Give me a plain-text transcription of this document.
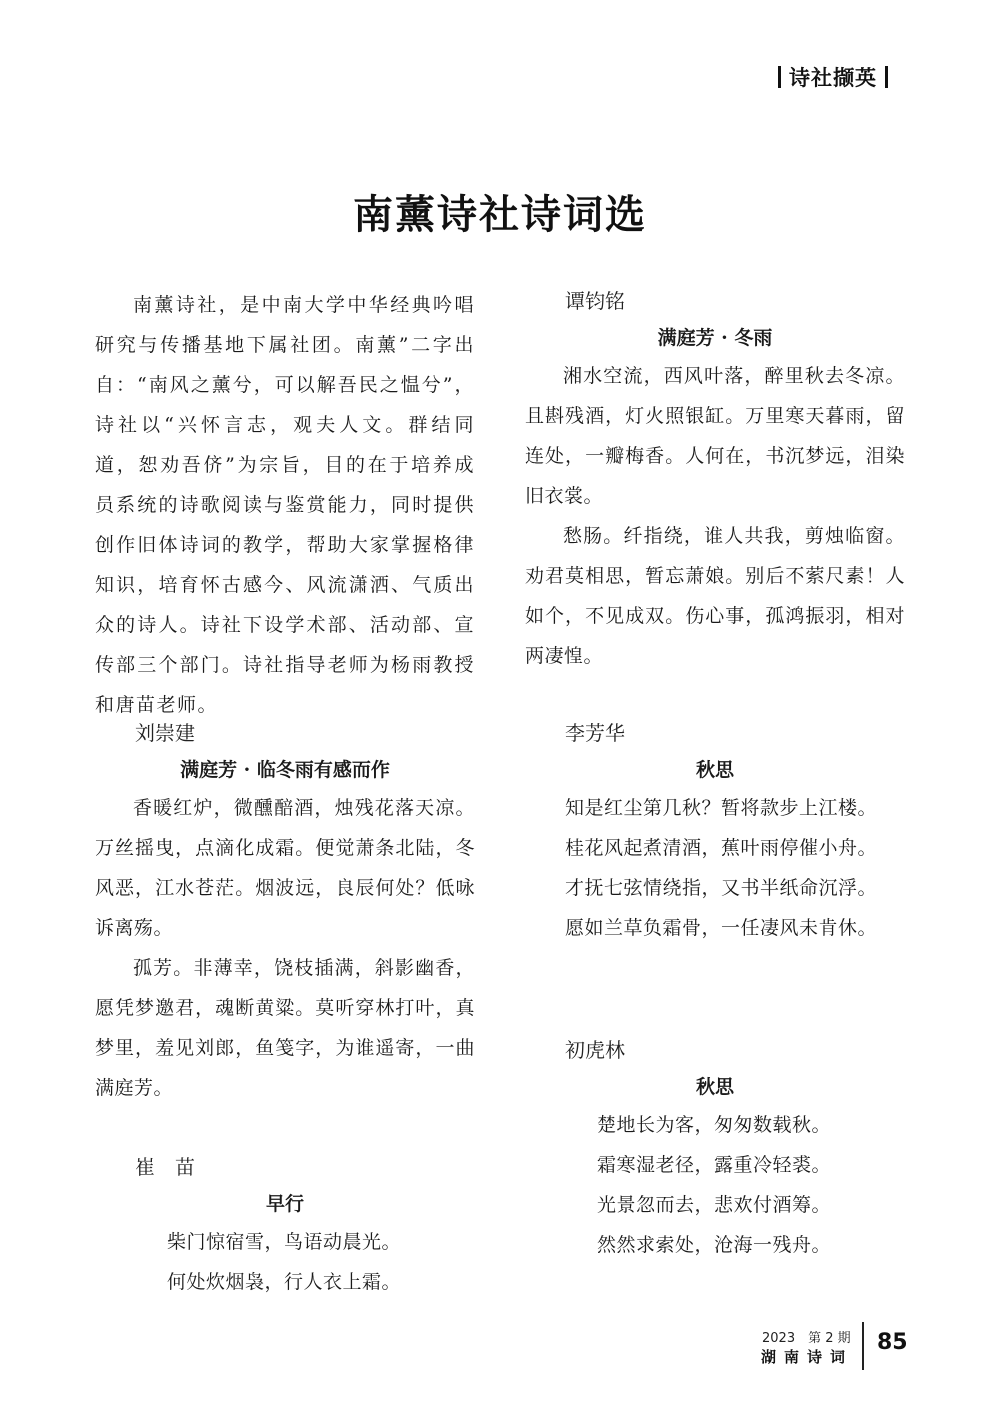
诗社撷英
南薰诗社诗词选

南薰诗社，是中南大学中华经典吟唱研究与传播基地下属社团。南薰”二字出自：“南风之薰兮，可以解吾民之愠兮”，诗社以“兴怀言志，观夫人文。群结同道，恕劝吾侪”为宗旨，目的在于培养成员系统的诗歌阅读与鉴赏能力，同时提供创作旧体诗词的教学，帮助大家掌握格律知识，培育怀古感今、风流潇洒、气质出众的诗人。诗社下设学术部、活动部、宣传部三个部门。诗社指导老师为杨雨教授和唐苗老师。

刘崇建
满庭芳 · 临冬雨有感而作

香暖红炉，微醺醅酒，烛残花落天凉。万丝摇曳，点滴化成霜。便觉萧条北陆，冬风恶，江水苍茫。烟波远，良辰何处？低咏诉离殇。

孤芳。非薄幸，饶枝插满，斜影幽香，愿凭梦邀君，魂断黄粱。莫听穿林打叶，真梦里，羞见刘郎，鱼笺字，为谁遥寄，一曲满庭芳。

崔　苗
早行
柴门惊宿雪，鸟语动晨光。
何处炊烟袅，行人衣上霜。
谭钧铭
满庭芳 · 冬雨

湘水空流，西风叶落，醉里秋去冬凉。且斟残酒，灯火照银缸。万里寒天暮雨，留连处，一瓣梅香。人何在，书沉梦远，泪染旧衣裳。

愁肠。纤指绕，谁人共我，剪烛临窗。劝君莫相思，暂忘萧娘。别后不萦尺素！人如个，不见成双。伤心事，孤鸿振羽，相对两凄惶。

李芳华
秋思
知是红尘第几秋？暂将款步上江楼。
桂花风起煮清酒，蕉叶雨停催小舟。
才抚七弦情绕指，又书半纸命沉浮。
愿如兰草负霜骨，一任凄风未肯休。
初虎林
秋思
楚地长为客，匆匆数载秋。
霜寒湿老径，露重冷轻裘。
光景忽而去，悲欢付酒筹。
然然求索处，沧海一残舟。
2023　第 2 期
湖南诗词
85
